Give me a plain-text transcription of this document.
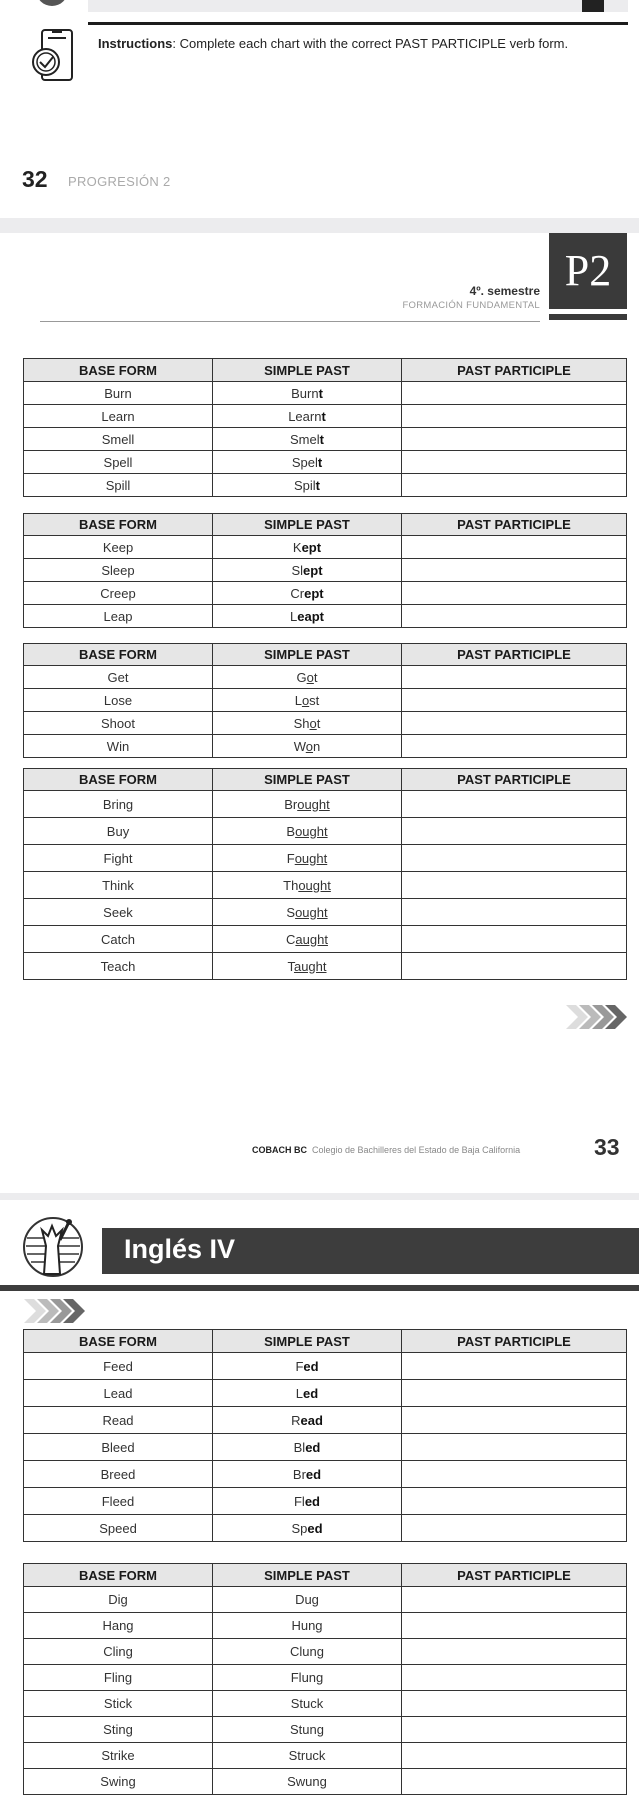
Instructions: Complete each chart with the correct PAST PARTICIPLE verb form.
32 PROGRESIÓN 2
P2
4º. semestre
FORMACIÓN FUNDAMENTAL
BASE FORM	SIMPLE PAST	PAST PARTICIPLE
Burn	Burnt	
Learn	Learnt	
Smell	Smelt	
Spell	Spelt	
Spill	Spilt	
BASE FORM	SIMPLE PAST	PAST PARTICIPLE
Keep	Kept	
Sleep	Slept	
Creep	Crept	
Leap	Leapt	
BASE FORM	SIMPLE PAST	PAST PARTICIPLE
Get	Got	
Lose	Lost	
Shoot	Shot	
Win	Won	
BASE FORM	SIMPLE PAST	PAST PARTICIPLE
Bring	Brought	
Buy	Bought	
Fight	Fought	
Think	Thought	
Seek	Sought	
Catch	Caught	
Teach	Taught	
COBACH BC Colegio de Bachilleres del Estado de Baja California	33
Inglés IV
BASE FORM	SIMPLE PAST	PAST PARTICIPLE
Feed	Fed	
Lead	Led	
Read	Read	
Bleed	Bled	
Breed	Bred	
Fleed	Fled	
Speed	Sped	
BASE FORM	SIMPLE PAST	PAST PARTICIPLE
Dig	Dug	
Hang	Hung	
Cling	Clung	
Fling	Flung	
Stick	Stuck	
Sting	Stung	
Strike	Struck	
Swing	Swung	
